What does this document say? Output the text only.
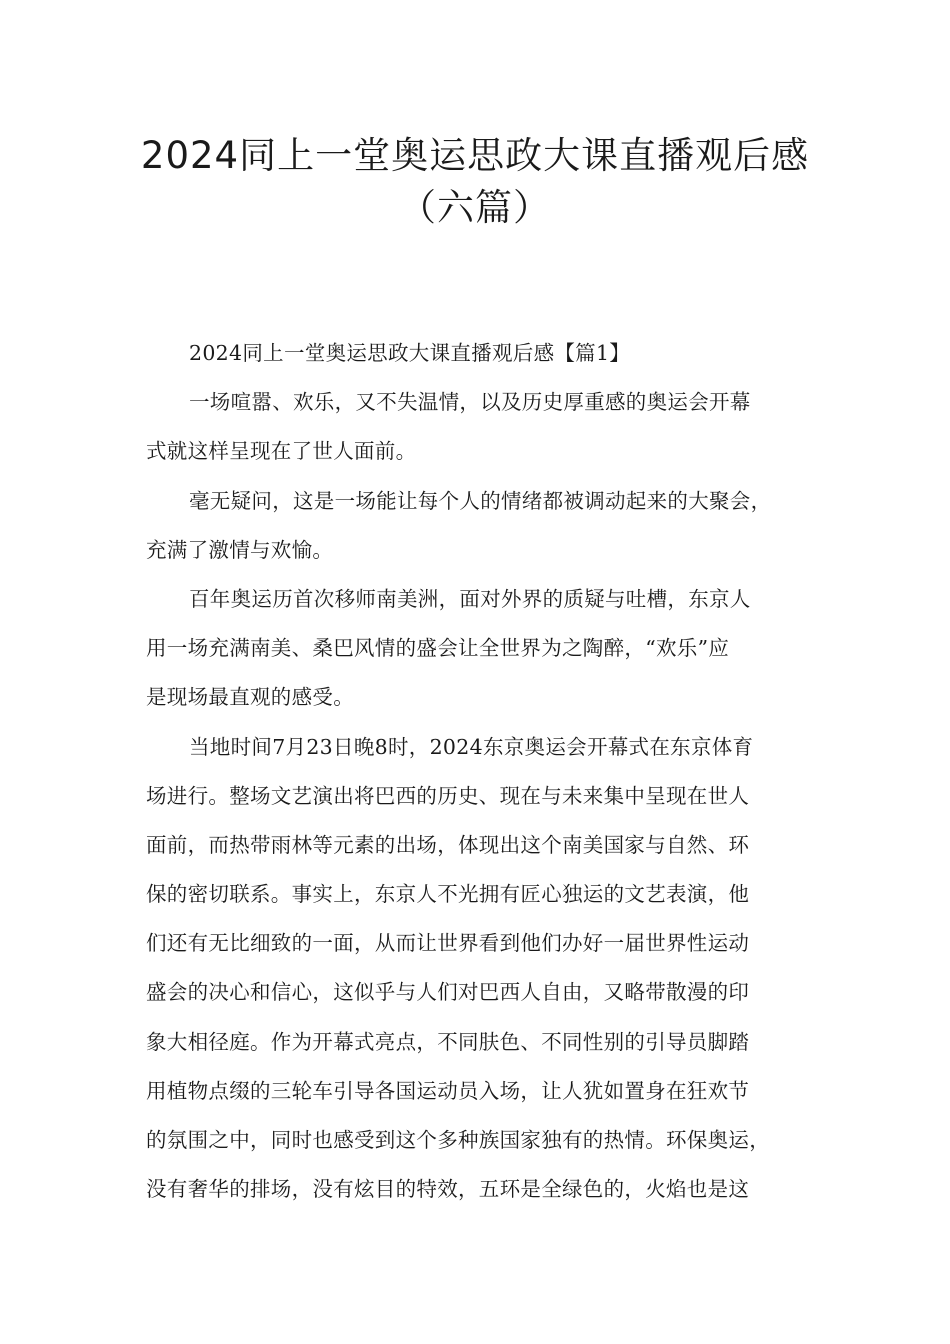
2024同上一堂奥运思政大课直播观后感
（六篇）
2024同上一堂奥运思政大课直播观后感【篇1】
一场喧嚣、欢乐，又不失温情，以及历史厚重感的奥运会开幕
式就这样呈现在了世人面前。
毫无疑问，这是一场能让每个人的情绪都被调动起来的大聚会，
充满了激情与欢愉。
百年奥运历首次移师南美洲，面对外界的质疑与吐槽，东京人
用一场充满南美、桑巴风情的盛会让全世界为之陶醉，“欢乐”应
是现场最直观的感受。
当地时间7月23日晚8时，2024东京奥运会开幕式在东京体育
场进行。整场文艺演出将巴西的历史、现在与未来集中呈现在世人
面前，而热带雨林等元素的出场，体现出这个南美国家与自然、环
保的密切联系。事实上，东京人不光拥有匠心独运的文艺表演，他
们还有无比细致的一面，从而让世界看到他们办好一届世界性运动
盛会的决心和信心，这似乎与人们对巴西人自由，又略带散漫的印
象大相径庭。作为开幕式亮点，不同肤色、不同性别的引导员脚踏
用植物点缀的三轮车引导各国运动员入场，让人犹如置身在狂欢节
的氛围之中，同时也感受到这个多种族国家独有的热情。环保奥运，
没有奢华的排场，没有炫目的特效，五环是全绿色的，火焰也是这
